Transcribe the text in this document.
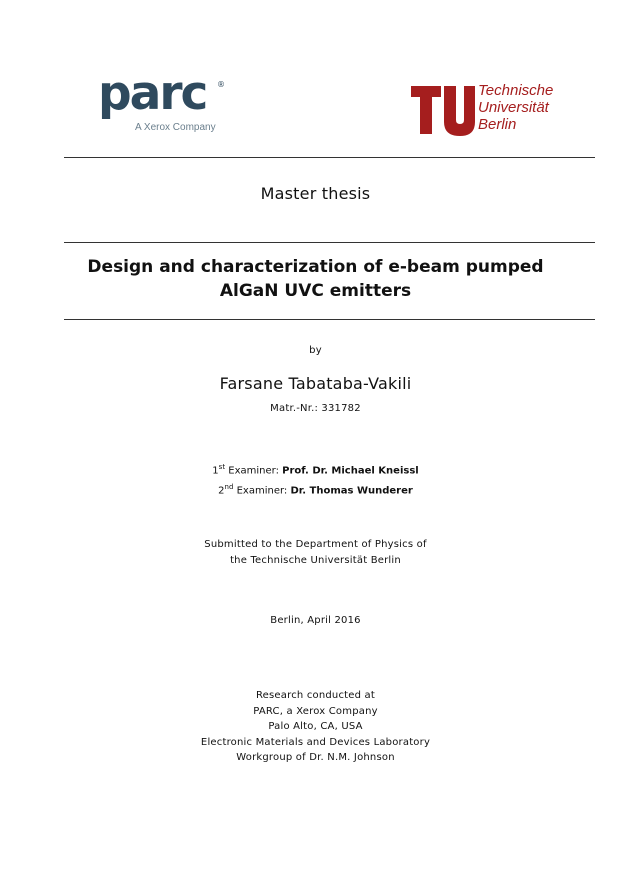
parc ®
A Xerox Company
berlin
Technische
Universität
Berlin
Master thesis
Design and characterization of e-beam pumped
AlGaN UVC emitters
by
Farsane Tabataba-Vakili
Matr.-Nr.: 331782
1st Examiner: Prof. Dr. Michael Kneissl
2nd Examiner: Dr. Thomas Wunderer
Submitted to the Department of Physics of
the Technische Universität Berlin
Berlin, April 2016
Research conducted at
PARC, a Xerox Company
Palo Alto, CA, USA
Electronic Materials and Devices Laboratory
Workgroup of Dr. N.M. Johnson
